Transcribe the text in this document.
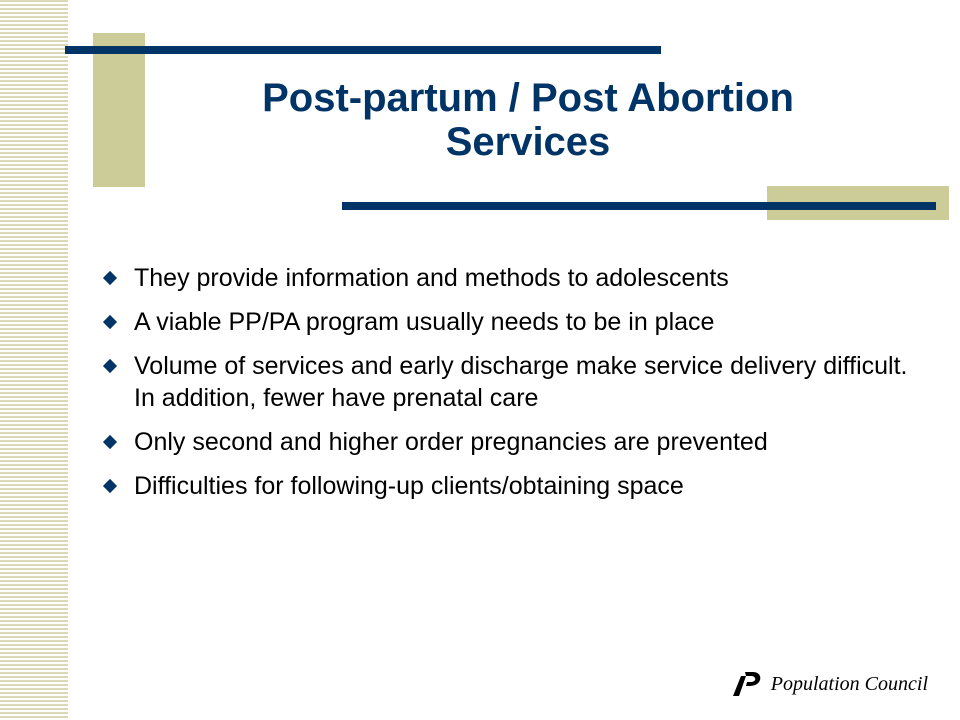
Post-partum / Post Abortion
Services
They provide information and methods to adolescents
A viable PP/PA program usually needs to be in place
Volume of services and early discharge make service delivery difficult. In addition, fewer have prenatal care
Only second and higher order pregnancies are prevented
Difficulties for following-up clients/obtaining space
Population Council
